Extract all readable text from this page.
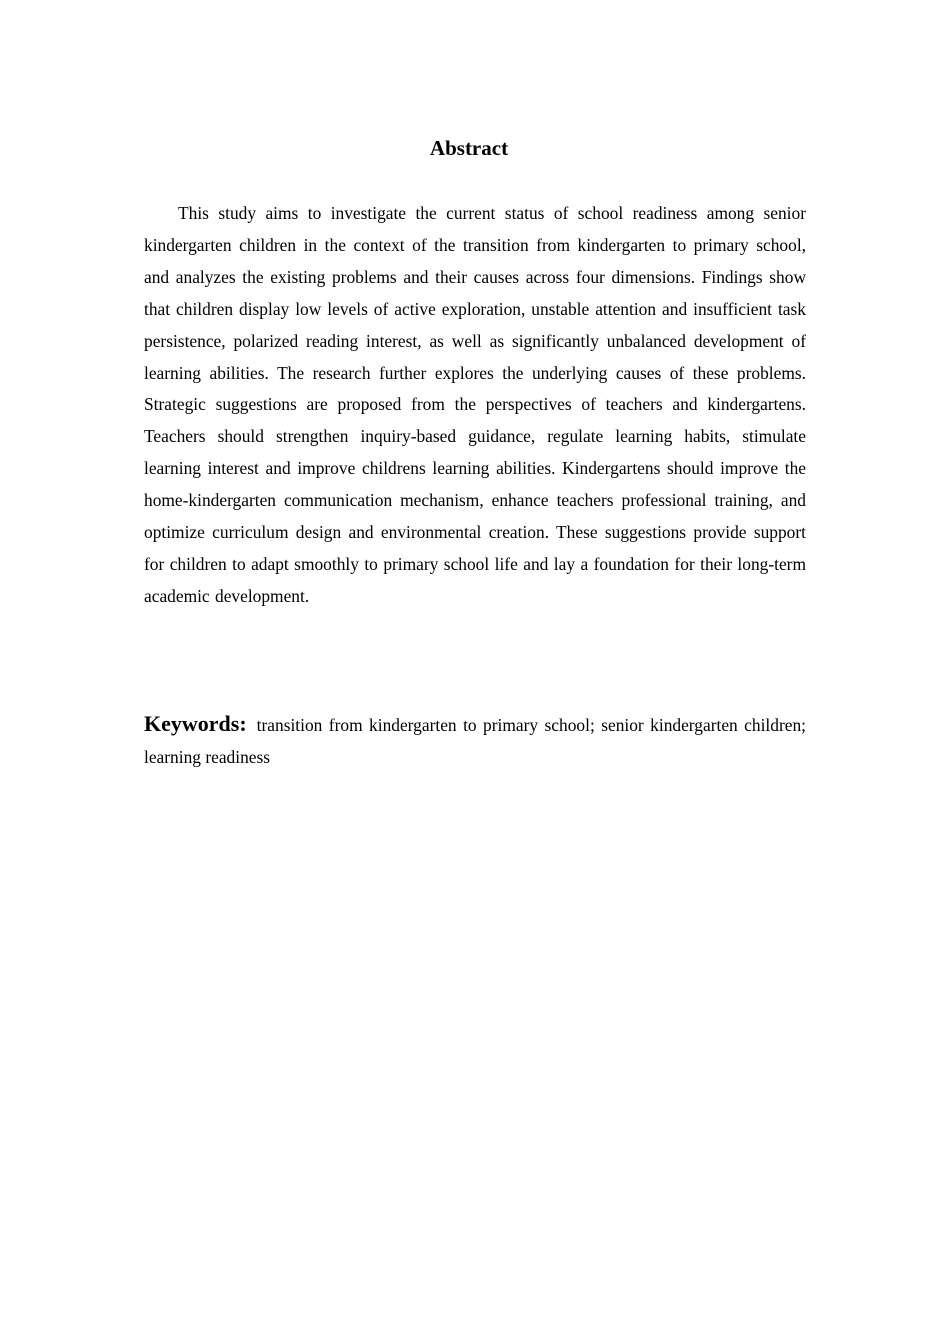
Abstract

This study aims to investigate the current status of school readiness among senior kindergarten children in the context of the transition from kindergarten to primary school, and analyzes the existing problems and their causes across four dimensions. Findings show that children display low levels of active exploration, unstable attention and insufficient task persistence, polarized reading interest, as well as significantly unbalanced development of learning abilities. The research further explores the underlying causes of these problems. Strategic suggestions are proposed from the perspectives of teachers and kindergartens. Teachers should strengthen inquiry-based guidance, regulate learning habits, stimulate learning interest and improve childrens learning abilities. Kindergartens should improve the home-kindergarten communication mechanism, enhance teachers professional training, and optimize curriculum design and environmental creation. These suggestions provide support for children to adapt smoothly to primary school life and lay a foundation for their long-term academic development.

Keywords: transition from kindergarten to primary school; senior kindergarten children; learning readiness
